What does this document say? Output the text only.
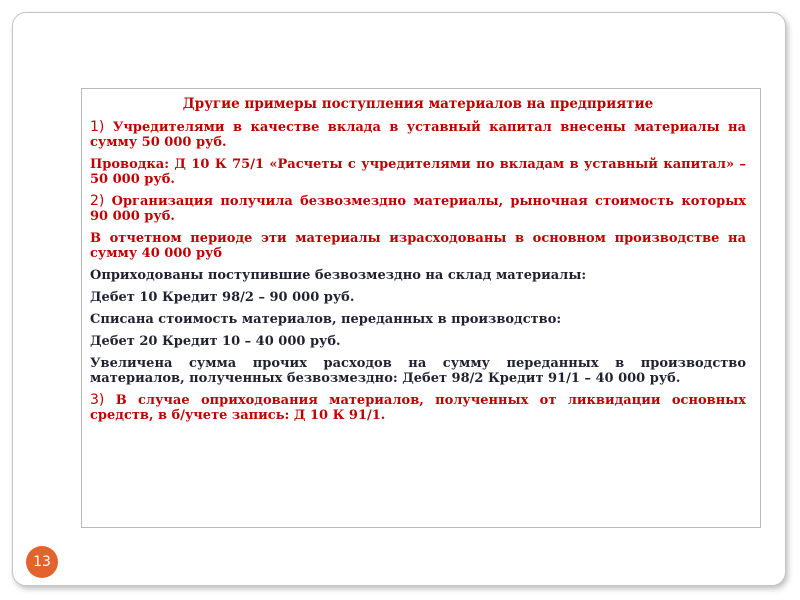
Другие примеры поступления материалов на предприятие
1) Учредителями в качестве вклада в уставный капитал внесены материалы на сумму 50 000 руб.
Проводка: Д 10 К 75/1 «Расчеты с учредителями по вкладам в уставный капитал» – 50 000 руб.
2) Организация получила безвозмездно материалы, рыночная стоимость которых 90 000 руб.
В отчетном периоде эти материалы израсходованы в основном производстве на сумму 40 000 руб
Оприходованы поступившие безвозмездно на склад материалы:
Дебет 10 Кредит 98/2 – 90 000 руб.
Списана стоимость материалов, переданных в производство:
Дебет 20 Кредит 10 – 40 000 руб.
Увеличена сумма прочих расходов на сумму переданных в производство материалов, полученных безвозмездно: Дебет 98/2 Кредит 91/1 – 40 000 руб.
3) В случае оприходования материалов, полученных от ликвидации основных средств, в б/учете запись: Д 10 К 91/1.
13
